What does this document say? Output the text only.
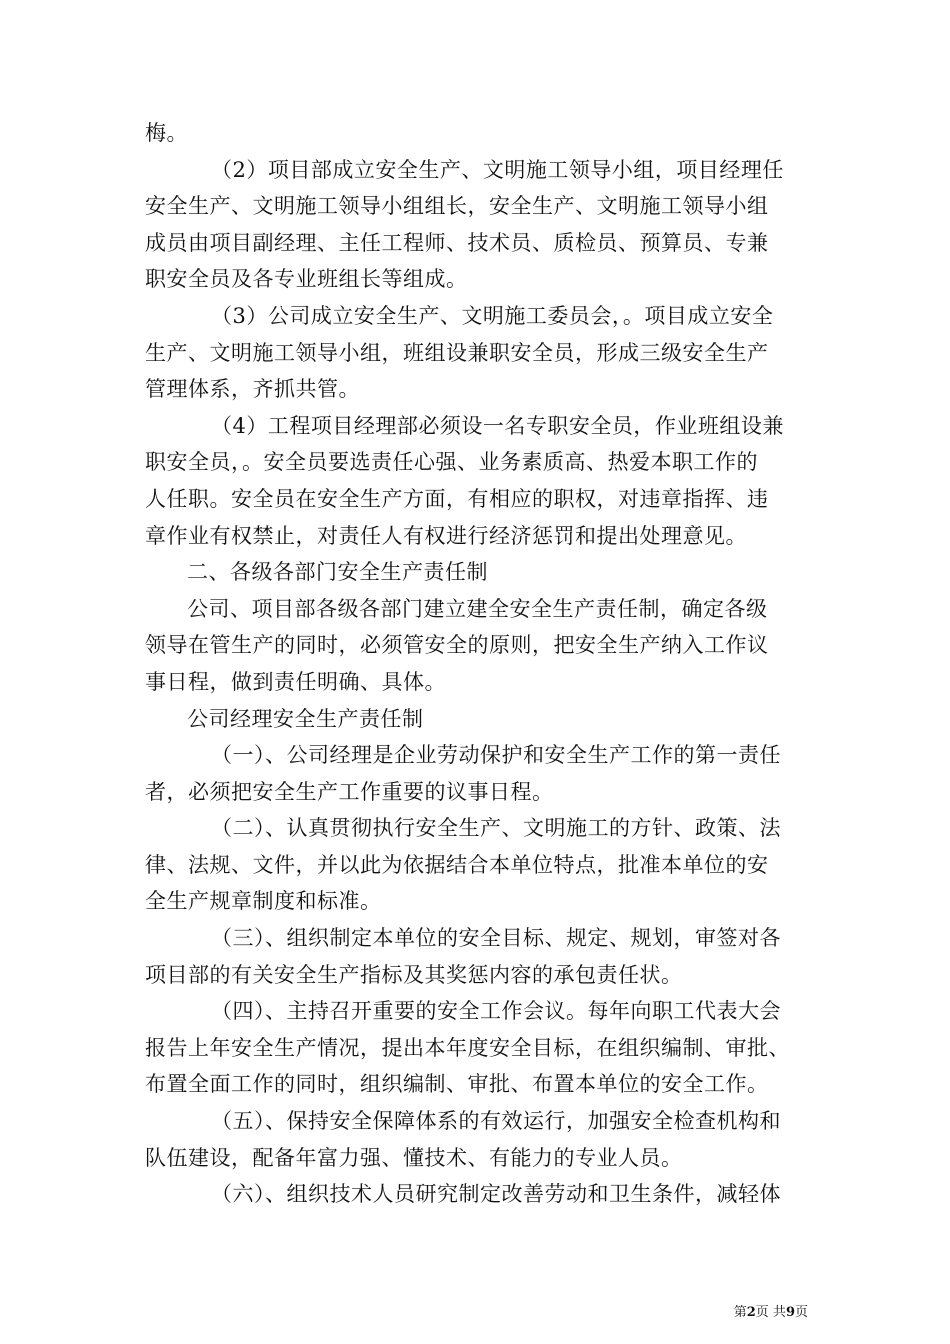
梅。
（2）项目部成立安全生产、文明施工领导小组，项目经理任
安全生产、文明施工领导小组组长，安全生产、文明施工领导小组
成员由项目副经理、主任工程师、技术员、质检员、预算员、专兼
职安全员及各专业班组长等组成。
（3）公司成立安全生产、文明施工委员会，。项目成立安全
生产、文明施工领导小组，班组设兼职安全员，形成三级安全生产
管理体系，齐抓共管。
（4）工程项目经理部必须设一名专职安全员，作业班组设兼
职安全员，。安全员要选责任心强、业务素质高、热爱本职工作的
人任职。安全员在安全生产方面，有相应的职权，对违章指挥、违
章作业有权禁止，对责任人有权进行经济惩罚和提出处理意见。
二、各级各部门安全生产责任制
公司、项目部各级各部门建立建全安全生产责任制，确定各级
领导在管生产的同时，必须管安全的原则，把安全生产纳入工作议
事日程，做到责任明确、具体。
公司经理安全生产责任制
（一）、公司经理是企业劳动保护和安全生产工作的第一责任
者，必须把安全生产工作重要的议事日程。
（二）、认真贯彻执行安全生产、文明施工的方针、政策、法
律、法规、文件，并以此为依据结合本单位特点，批准本单位的安
全生产规章制度和标准。
（三）、组织制定本单位的安全目标、规定、规划，审签对各
项目部的有关安全生产指标及其奖惩内容的承包责任状。
（四）、主持召开重要的安全工作会议。每年向职工代表大会
报告上年安全生产情况，提出本年度安全目标，在组织编制、审批、
布置全面工作的同时，组织编制、审批、布置本单位的安全工作。
（五）、保持安全保障体系的有效运行，加强安全检查机构和
队伍建设，配备年富力强、懂技术、有能力的专业人员。
（六）、组织技术人员研究制定改善劳动和卫生条件，减轻体
第2页 共9页
